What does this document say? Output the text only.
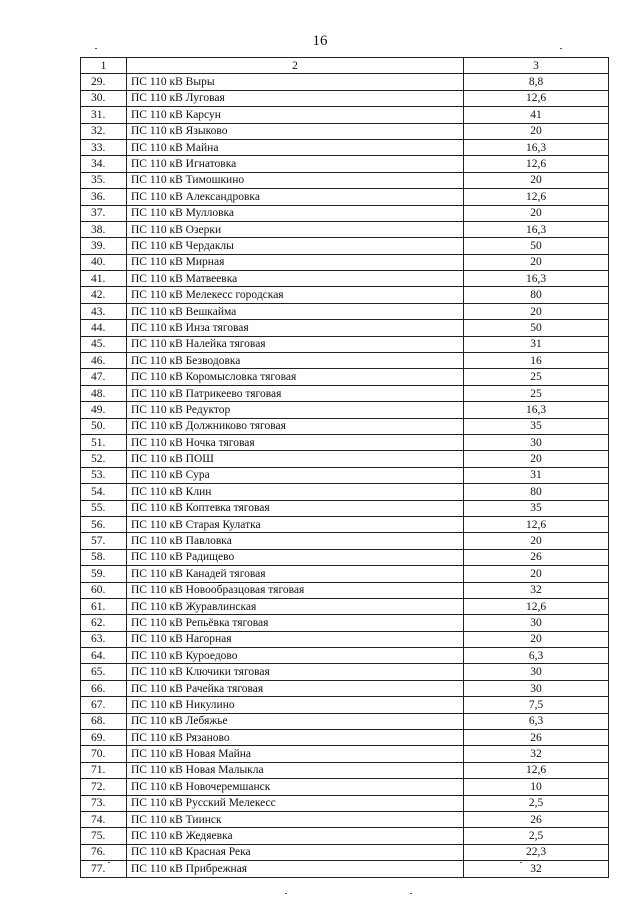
16
1	2	3
29.	ПС 110 кВ Выры	8,8
30.	ПС 110 кВ Луговая	12,6
31.	ПС 110 кВ Карсун	41
32.	ПС 110 кВ Языково	20
33.	ПС 110 кВ Майна	16,3
34.	ПС 110 кВ Игнатовка	12,6
35.	ПС 110 кВ Тимошкино	20
36.	ПС 110 кВ Александровка	12,6
37.	ПС 110 кВ Мулловка	20
38.	ПС 110 кВ Озерки	16,3
39.	ПС 110 кВ Чердаклы	50
40.	ПС 110 кВ Мирная	20
41.	ПС 110 кВ Матвеевка	16,3
42.	ПС 110 кВ Мелекесс городская	80
43.	ПС 110 кВ Вешкайма	20
44.	ПС 110 кВ Инза тяговая	50
45.	ПС 110 кВ Налейка тяговая	31
46.	ПС 110 кВ Безводовка	16
47.	ПС 110 кВ Коромысловка тяговая	25
48.	ПС 110 кВ Патрикеево тяговая	25
49.	ПС 110 кВ Редуктор	16,3
50.	ПС 110 кВ Должниково тяговая	35
51.	ПС 110 кВ Ночка тяговая	30
52.	ПС 110 кВ ПОШ	20
53.	ПС 110 кВ Сура	31
54.	ПС 110 кВ Клин	80
55.	ПС 110 кВ Коптевка тяговая	35
56.	ПС 110 кВ Старая Кулатка	12,6
57.	ПС 110 кВ Павловка	20
58.	ПС 110 кВ Радищево	26
59.	ПС 110 кВ Канадей тяговая	20
60.	ПС 110 кВ Новообразцовая тяговая	32
61.	ПС 110 кВ Журавлинская	12,6
62.	ПС 110 кВ Репьёвка тяговая	30
63.	ПС 110 кВ Нагорная	20
64.	ПС 110 кВ Куроедово	6,3
65.	ПС 110 кВ Ключики тяговая	30
66.	ПС 110 кВ Рачейка тяговая	30
67.	ПС 110 кВ Никулино	7,5
68.	ПС 110 кВ Лебяжье	6,3
69.	ПС 110 кВ Рязаново	26
70.	ПС 110 кВ Новая Майна	32
71.	ПС 110 кВ Новая Малыкла	12,6
72.	ПС 110 кВ Новочеремшанск	10
73.	ПС 110 кВ Русский Мелекесс	2,5
74.	ПС 110 кВ Тиинск	26
75.	ПС 110 кВ Жедяевка	2,5
76.	ПС 110 кВ Красная Река	22,3
77.	ПС 110 кВ Прибрежная	32
